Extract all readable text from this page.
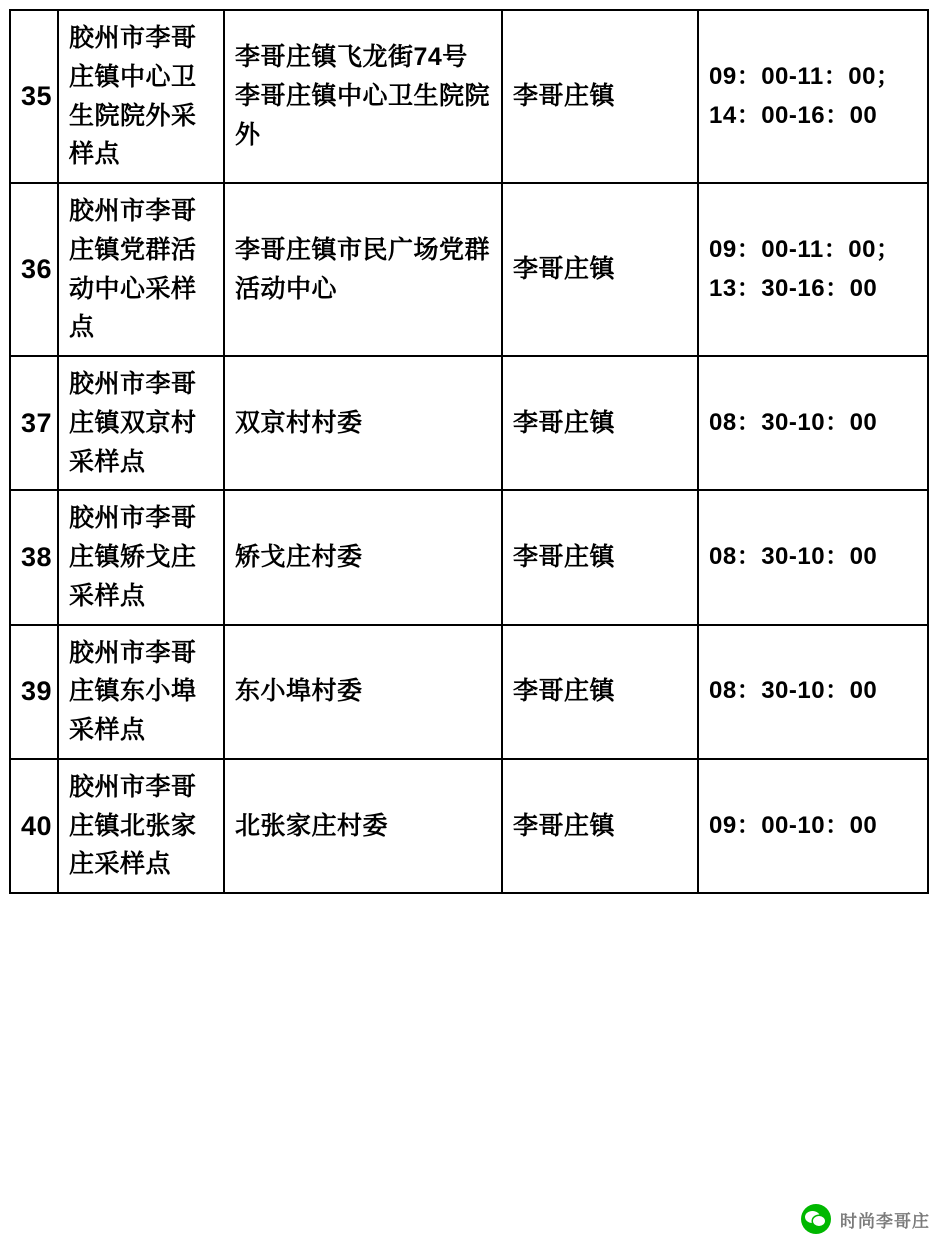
35	胶州市李哥庄镇中心卫生院院外采样点	李哥庄镇飞龙街74号李哥庄镇中心卫生院院外	李哥庄镇	09：00-11：00；14：00-16：00

36	胶州市李哥庄镇党群活动中心采样点	李哥庄镇市民广场党群活动中心	李哥庄镇	09：00-11：00；13：30-16：00

37	胶州市李哥庄镇双京村采样点	双京村村委	李哥庄镇	08：30-10：00

38	胶州市李哥庄镇矫戈庄采样点	矫戈庄村委	李哥庄镇	08：30-10：00

39	胶州市李哥庄镇东小埠采样点	东小埠村委	李哥庄镇	08：30-10：00

40	胶州市李哥庄镇北张家庄采样点	北张家庄村委	李哥庄镇	09：00-10：00
时尚李哥庄
